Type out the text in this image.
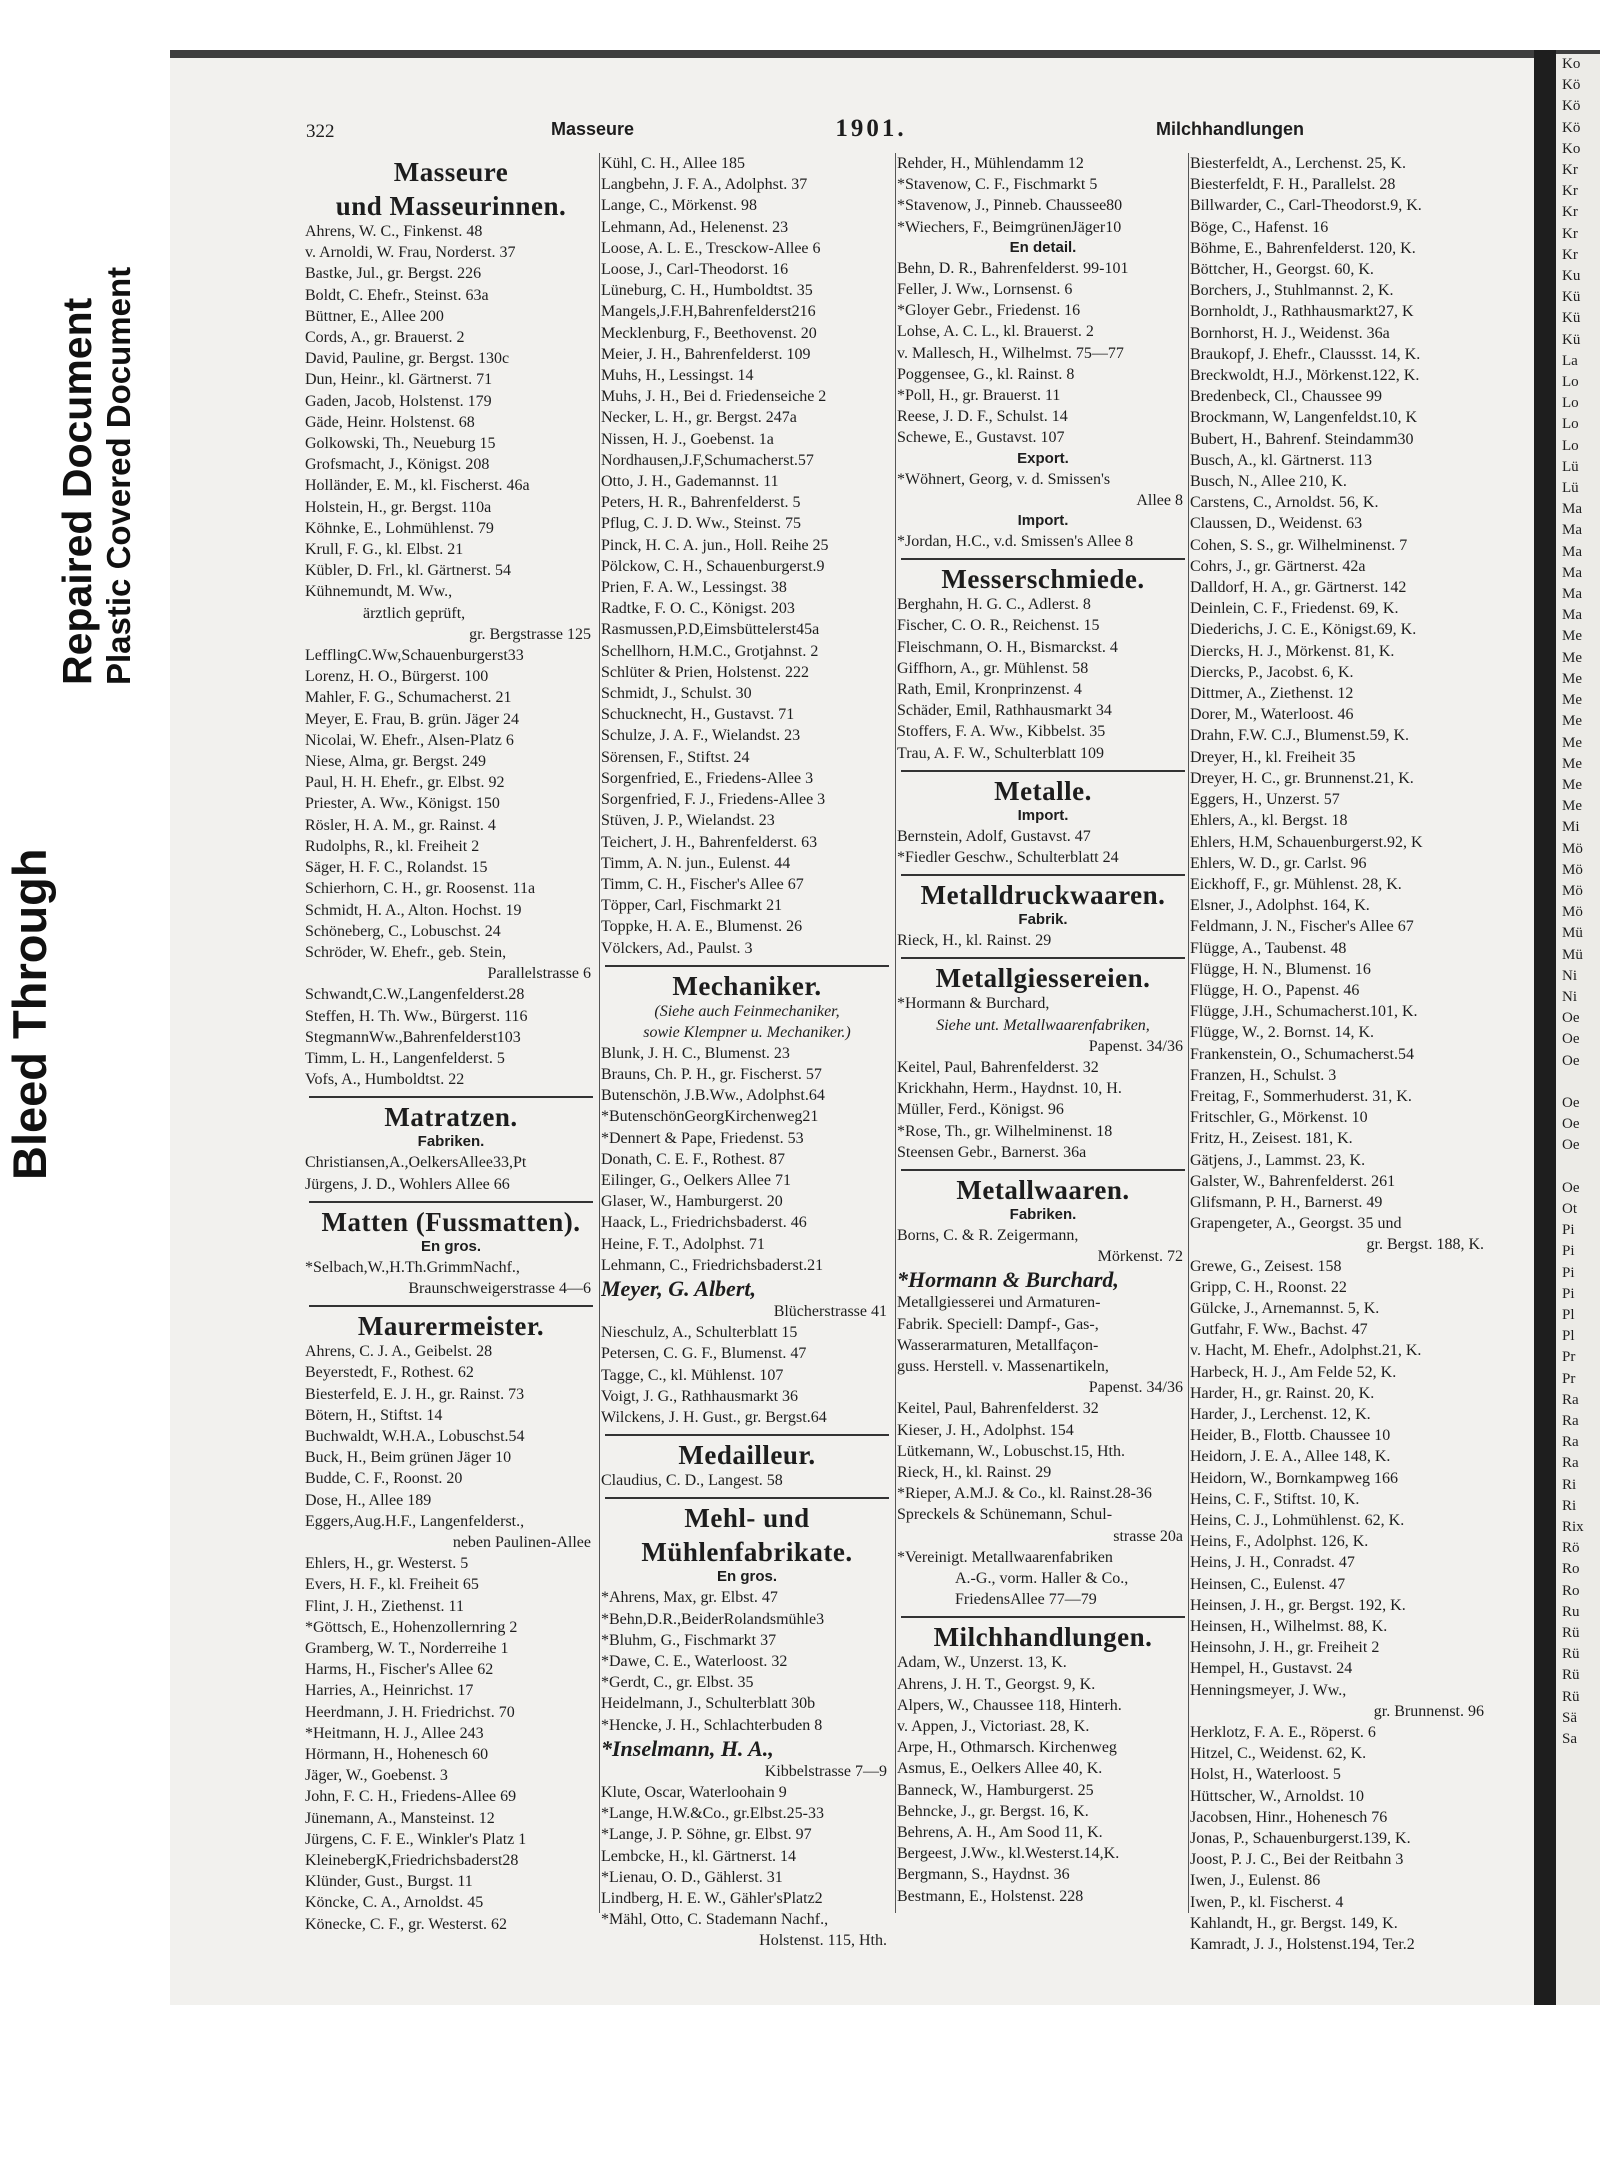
Bleed Through
Repaired Document Plastic Covered Document
322	Masseure	1901.	Milchhandlungen
Masseure
und Masseurinnen.
Ahrens, W. C., Finkenst. 48
v. Arnoldi, W. Frau, Norderst. 37
Bastke, Jul., gr. Bergst. 226
Boldt, C. Ehefr., Steinst. 63a
Büttner, E., Allee 200
Cords, A., gr. Brauerst. 2
David, Pauline, gr. Bergst. 130c
Dun, Heinr., kl. Gärtnerst. 71
Gaden, Jacob, Holstenst. 179
Gäde, Heinr. Holstenst. 68
Golkowski, Th., Neueburg 15
Grofsmacht, J., Königst. 208
Holländer, E. M., kl. Fischerst. 46a
Holstein, H., gr. Bergst. 110a
Köhnke, E., Lohmühlenst. 79
Krull, F. G., kl. Elbst. 21
Kübler, D. Frl., kl. Gärtnerst. 54
Kühnemundt, M. Ww.,
ärztlich geprüft,
gr. Bergstrasse 125
LefflingC.Ww,Schauenburgerst33
Lorenz, H. O., Bürgerst. 100
Mahler, F. G., Schumacherst. 21
Meyer, E. Frau, B. grün. Jäger 24
Nicolai, W. Ehefr., Alsen-Platz 6
Niese, Alma, gr. Bergst. 249
Paul, H. H. Ehefr., gr. Elbst. 92
Priester, A. Ww., Königst. 150
Rösler, H. A. M., gr. Rainst. 4
Rudolphs, R., kl. Freiheit 2
Säger, H. F. C., Rolandst. 15
Schierhorn, C. H., gr. Roosenst. 11a
Schmidt, H. A., Alton. Hochst. 19
Schöneberg, C., Lobuschst. 24
Schröder, W. Ehefr., geb. Stein,
Parallelstrasse 6
Schwandt,C.W.,Langenfelderst.28
Steffen, H. Th. Ww., Bürgerst. 116
StegmannWw.,Bahrenfelderst103
Timm, L. H., Langenfelderst. 5
Vofs, A., Humboldtst. 22
Matratzen.
Fabriken.
Christiansen,A.,OelkersAllee33,Pt
Jürgens, J. D., Wohlers Allee 66
Matten (Fussmatten).
En gros.
*Selbach,W.,H.Th.GrimmNachf.,
Braunschweigerstrasse 4—6
Maurermeister.
Ahrens, C. J. A., Geibelst. 28
Beyerstedt, F., Rothest. 62
Biesterfeld, E. J. H., gr. Rainst. 73
Bötern, H., Stiftst. 14
Buchwaldt, W.H.A., Lobuschst.54
Buck, H., Beim grünen Jäger 10
Budde, C. F., Roonst. 20
Dose, H., Allee 189
Eggers,Aug.H.F., Langenfelderst.,
neben Paulinen-Allee
Ehlers, H., gr. Westerst. 5
Evers, H. F., kl. Freiheit 65
Flint, J. H., Ziethenst. 11
*Göttsch, E., Hohenzollernring 2
Gramberg, W. T., Norderreihe 1
Harms, H., Fischer's Allee 62
Harries, A., Heinrichst. 17
Heerdmann, J. H. Friedrichst. 70
*Heitmann, H. J., Allee 243
Hörmann, H., Hohenesch 60
Jäger, W., Goebenst. 3
John, F. C. H., Friedens-Allee 69
Jünemann, A., Mansteinst. 12
Jürgens, C. F. E., Winkler's Platz 1
KleinebergK,Friedrichsbaderst28
Klünder, Gust., Burgst. 11
Köncke, C. A., Arnoldst. 45
Könecke, C. F., gr. Westerst. 62
Kühl, C. H., Allee 185
Langbehn, J. F. A., Adolphst. 37
Lange, C., Mörkenst. 98
Lehmann, Ad., Helenenst. 23
Loose, A. L. E., Tresckow-Allee 6
Loose, J., Carl-Theodorst. 16
Lüneburg, C. H., Humboldtst. 35
Mangels,J.F.H,Bahrenfelderst216
Mecklenburg, F., Beethovenst. 20
Meier, J. H., Bahrenfelderst. 109
Muhs, H., Lessingst. 14
Muhs, J. H., Bei d. Friedenseiche 2
Necker, L. H., gr. Bergst. 247a
Nissen, H. J., Goebenst. 1a
Nordhausen,J.F,Schumacherst.57
Otto, J. H., Gademannst. 11
Peters, H. R., Bahrenfelderst. 5
Pflug, C. J. D. Ww., Steinst. 75
Pinck, H. C. A. jun., Holl. Reihe 25
Pölckow, C. H., Schauenburgerst.9
Prien, F. A. W., Lessingst. 38
Radtke, F. O. C., Königst. 203
Rasmussen,P.D,Eimsbüttelerst45a
Schellhorn, H.M.C., Grotjahnst. 2
Schlüter & Prien, Holstenst. 222
Schmidt, J., Schulst. 30
Schucknecht, H., Gustavst. 71
Schulze, J. A. F., Wielandst. 23
Sörensen, F., Stiftst. 24
Sorgenfried, E., Friedens-Allee 3
Sorgenfried, F. J., Friedens-Allee 3
Stüven, J. P., Wielandst. 23
Teichert, J. H., Bahrenfelderst. 63
Timm, A. N. jun., Eulenst. 44
Timm, C. H., Fischer's Allee 67
Töpper, Carl, Fischmarkt 21
Toppke, H. A. E., Blumenst. 26
Völckers, Ad., Paulst. 3
Mechaniker.
(Siehe auch Feinmechaniker,
sowie Klempner u. Mechaniker.)
Blunk, J. H. C., Blumenst. 23
Brauns, Ch. P. H., gr. Fischerst. 57
Butenschön, J.B.Ww., Adolphst.64
*ButenschönGeorgKirchenweg21
*Dennert & Pape, Friedenst. 53
Donath, C. E. F., Rothest. 87
Eilinger, G., Oelkers Allee 71
Glaser, W., Hamburgerst. 20
Haack, L., Friedrichsbaderst. 46
Heine, F. T., Adolphst. 71
Lehmann, C., Friedrichsbaderst.21
Meyer, G. Albert,
Blücherstrasse 41
Nieschulz, A., Schulterblatt 15
Petersen, C. G. F., Blumenst. 47
Tagge, C., kl. Mühlenst. 107
Voigt, J. G., Rathhausmarkt 36
Wilckens, J. H. Gust., gr. Bergst.64
Medailleur.
Claudius, C. D., Langest. 58
Mehl- und
Mühlenfabrikate.
En gros.
*Ahrens, Max, gr. Elbst. 47
*Behn,D.R.,BeiderRolandsmühle3
*Bluhm, G., Fischmarkt 37
*Dawe, C. E., Waterloost. 32
*Gerdt, C., gr. Elbst. 35
Heidelmann, J., Schulterblatt 30b
*Hencke, J. H., Schlachterbuden 8
*Inselmann, H. A.,
Kibbelstrasse 7—9
Klute, Oscar, Waterloohain 9
*Lange, H.W.&Co., gr.Elbst.25-33
*Lange, J. P. Söhne, gr. Elbst. 97
Lembcke, H., kl. Gärtnerst. 14
*Lienau, O. D., Gählerst. 31
Lindberg, H. E. W., Gähler'sPlatz2
*Mähl, Otto, C. Stademann Nachf.,
Holstenst. 115, Hth.
Rehder, H., Mühlendamm 12
*Stavenow, C. F., Fischmarkt 5
*Stavenow, J., Pinneb. Chaussee80
*Wiechers, F., BeimgrünenJäger10
En detail.
Behn, D. R., Bahrenfelderst. 99-101
Feller, J. Ww., Lornsenst. 6
*Gloyer Gebr., Friedenst. 16
Lohse, A. C. L., kl. Brauerst. 2
v. Mallesch, H., Wilhelmst. 75—77
Poggensee, G., kl. Rainst. 8
*Poll, H., gr. Brauerst. 11
Reese, J. D. F., Schulst. 14
Schewe, E., Gustavst. 107
Export.
*Wöhnert, Georg, v. d. Smissen's
Allee 8
Import.
*Jordan, H.C., v.d. Smissen's Allee 8
Messerschmiede.
Berghahn, H. G. C., Adlerst. 8
Fischer, C. O. R., Reichenst. 15
Fleischmann, O. H., Bismarckst. 4
Giffhorn, A., gr. Mühlenst. 58
Rath, Emil, Kronprinzenst. 4
Schäder, Emil, Rathhausmarkt 34
Stoffers, F. A. Ww., Kibbelst. 35
Trau, A. F. W., Schulterblatt 109
Metalle.
Import.
Bernstein, Adolf, Gustavst. 47
*Fiedler Geschw., Schulterblatt 24
Metalldruckwaaren.
Fabrik.
Rieck, H., kl. Rainst. 29
Metallgiessereien.
*Hormann & Burchard,
Siehe unt. Metallwaarenfabriken,
Papenst. 34/36
Keitel, Paul, Bahrenfelderst. 32
Krickhahn, Herm., Haydnst. 10, H.
Müller, Ferd., Königst. 96
*Rose, Th., gr. Wilhelminenst. 18
Steensen Gebr., Barnerst. 36a
Metallwaaren.
Fabriken.
Borns, C. & R. Zeigermann,
Mörkenst. 72
*Hormann & Burchard,
Metallgiesserei und Armaturen-
Fabrik. Speciell: Dampf-, Gas-,
Wasserarmaturen, Metallfaçon-
guss. Herstell. v. Massenartikeln,
Papenst. 34/36
Keitel, Paul, Bahrenfelderst. 32
Kieser, J. H., Adolphst. 154
Lütkemann, W., Lobuschst.15, Hth.
Rieck, H., kl. Rainst. 29
*Rieper, A.M.J. & Co., kl. Rainst.28-36
Spreckels & Schünemann, Schul-
strasse 20a
*Vereinigt. Metallwaarenfabriken
A.-G., vorm. Haller & Co.,
FriedensAllee 77—79
Milchhandlungen.
Adam, W., Unzerst. 13, K.
Ahrens, J. H. T., Georgst. 9, K.
Alpers, W., Chaussee 118, Hinterh.
v. Appen, J., Victoriast. 28, K.
Arpe, H., Othmarsch. Kirchenweg
Asmus, E., Oelkers Allee 40, K.
Banneck, W., Hamburgerst. 25
Behncke, J., gr. Bergst. 16, K.
Behrens, A. H., Am Sood 11, K.
Bergeest, J.Ww., kl.Westerst.14,K.
Bergmann, S., Haydnst. 36
Bestmann, E., Holstenst. 228
Biesterfeldt, A., Lerchenst. 25, K.
Biesterfeldt, F. H., Parallelst. 28
Billwarder, C., Carl-Theodorst.9, K.
Böge, C., Hafenst. 16
Böhme, E., Bahrenfelderst. 120, K.
Böttcher, H., Georgst. 60, K.
Borchers, J., Stuhlmannst. 2, K.
Bornholdt, J., Rathhausmarkt27, K
Bornhorst, H. J., Weidenst. 36a
Braukopf, J. Ehefr., Claussst. 14, K.
Breckwoldt, H.J., Mörkenst.122, K.
Bredenbeck, Cl., Chaussee 99
Brockmann, W, Langenfeldst.10, K
Bubert, H., Bahrenf. Steindamm30
Busch, A., kl. Gärtnerst. 113
Busch, N., Allee 210, K.
Carstens, C., Arnoldst. 56, K.
Claussen, D., Weidenst. 63
Cohen, S. S., gr. Wilhelminenst. 7
Cohrs, J., gr. Gärtnerst. 42a
Dalldorf, H. A., gr. Gärtnerst. 142
Deinlein, C. F., Friedenst. 69, K.
Diederichs, J. C. E., Königst.69, K.
Diercks, H. J., Mörkenst. 81, K.
Diercks, P., Jacobst. 6, K.
Dittmer, A., Ziethenst. 12
Dorer, M., Waterloost. 46
Drahn, F.W. C.J., Blumenst.59, K.
Dreyer, H., kl. Freiheit 35
Dreyer, H. C., gr. Brunnenst.21, K.
Eggers, H., Unzerst. 57
Ehlers, A., kl. Bergst. 18
Ehlers, H.M, Schauenburgerst.92, K
Ehlers, W. D., gr. Carlst. 96
Eickhoff, F., gr. Mühlenst. 28, K.
Elsner, J., Adolphst. 164, K.
Feldmann, J. N., Fischer's Allee 67
Flügge, A., Taubenst. 48
Flügge, H. N., Blumenst. 16
Flügge, H. O., Papenst. 46
Flügge, J.H., Schumacherst.101, K.
Flügge, W., 2. Bornst. 14, K.
Frankenstein, O., Schumacherst.54
Franzen, H., Schulst. 3
Freitag, F., Sommerhuderst. 31, K.
Fritschler, G., Mörkenst. 10
Fritz, H., Zeisest. 181, K.
Gätjens, J., Lammst. 23, K.
Galster, W., Bahrenfelderst. 261
Glifsmann, P. H., Barnerst. 49
Grapengeter, A., Georgst. 35 und
gr. Bergst. 188, K.
Grewe, G., Zeisest. 158
Gripp, C. H., Roonst. 22
Gülcke, J., Arnemannst. 5, K.
Gutfahr, F. Ww., Bachst. 47
v. Hacht, M. Ehefr., Adolphst.21, K.
Harbeck, H. J., Am Felde 52, K.
Harder, H., gr. Rainst. 20, K.
Harder, J., Lerchenst. 12, K.
Heider, B., Flottb. Chaussee 10
Heidorn, J. E. A., Allee 148, K.
Heidorn, W., Bornkampweg 166
Heins, C. F., Stiftst. 10, K.
Heins, C. J., Lohmühlenst. 62, K.
Heins, F., Adolphst. 126, K.
Heins, J. H., Conradst. 47
Heinsen, C., Eulenst. 47
Heinsen, J. H., gr. Bergst. 192, K.
Heinsen, H., Wilhelmst. 88, K.
Heinsohn, J. H., gr. Freiheit 2
Hempel, H., Gustavst. 24
Henningsmeyer, J. Ww.,
gr. Brunnenst. 96
Herklotz, F. A. E., Röperst. 6
Hitzel, C., Weidenst. 62, K.
Holst, H., Waterloost. 5
Hüttscher, W., Arnoldst. 10
Jacobsen, Hinr., Hohenesch 76
Jonas, P., Schauenburgerst.139, K.
Joost, P. J. C., Bei der Reitbahn 3
Iwen, J., Eulenst. 86
Iwen, P., kl. Fischerst. 4
Kahlandt, H., gr. Bergst. 149, K.
Kamradt, J. J., Holstenst.194, Ter.2
Ko
Kö
Kö
Kö
Ko
Kr
Kr
Kr
Kr
Kr
Ku
Kü
Kü
Kü
La
Lo
Lo
Lo
Lo
Lü
Lü
Ma
Ma
Ma
Ma
Ma
Ma
Me
Me
Me
Me
Me
Me
Me
Me
Me
Mi
Mö
Mö
Mö
Mö
Mü
Mü
Ni
Ni
Oe
Oe
Oe

Oe
Oe
Oe

Oe
Ot
Pi
Pi
Pi
Pi
Pl
Pl
Pr
Pr
Ra
Ra
Ra
Ra
Ri
Ri
Rix
Rö
Ro
Ro
Ru
Rü
Rü
Rü
Rü
Sä
Sa
